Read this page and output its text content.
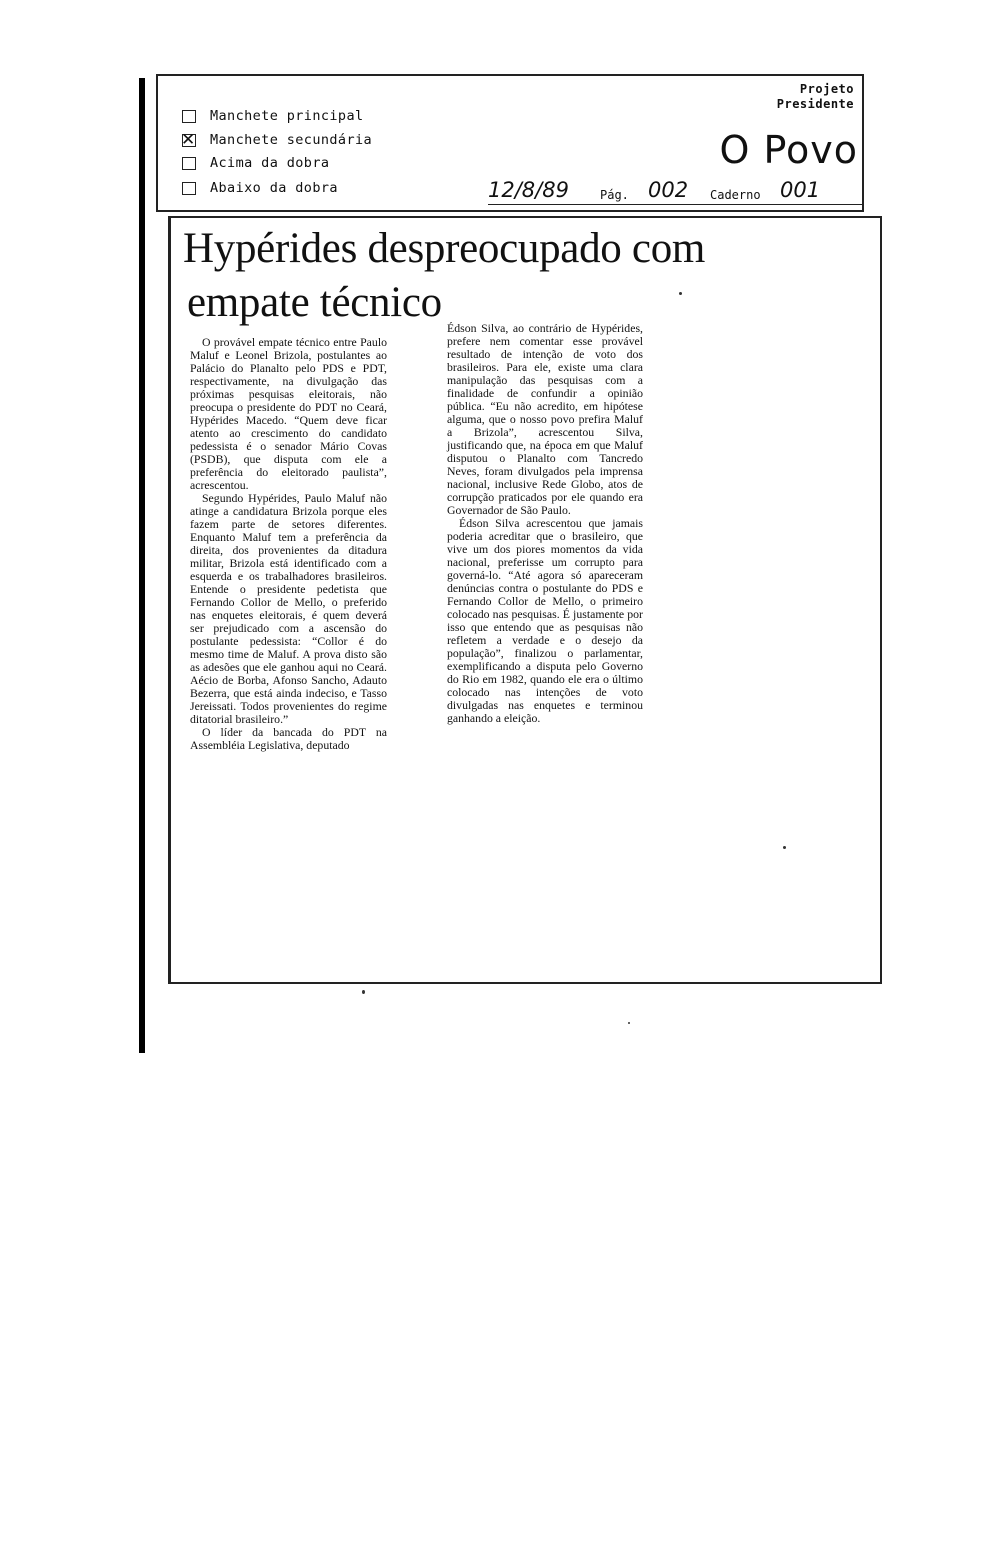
Manchete principal
✕
Manchete secundária
Acima da dobra
Abaixo da dobra
Projeto
Presidente
O Povo
12/8/89	Pág. 002 Caderno 001
Hypérides despreocupado com
empate técnico

O provável empate técnico entre Paulo Maluf e Leonel Brizola, postulantes ao Palácio do Planalto pelo PDS e PDT, respectivamente, na divulgação das próximas pesquisas eleitorais, não preocupa o presidente do PDT no Ceará, Hypérides Macedo. “Quem deve ficar atento ao crescimento do candidato pedessista é o senador Mário Covas (PSDB), que disputa com ele a preferência do eleitorado paulista”, acrescentou.

Segundo Hypérides, Paulo Maluf não atinge a candidatura Brizola porque eles fazem parte de setores diferentes. Enquanto Maluf tem a preferência da direita, dos provenientes da ditadura militar, Brizola está identificado com a esquerda e os trabalhadores brasileiros. Entende o presidente pedetista que Fernando Collor de Mello, o preferido nas enquetes eleitorais, é quem deverá ser prejudicado com a ascensão do postulante pedessista: “Collor é do mesmo time de Maluf. A prova disto são as adesões que ele ganhou aqui no Ceará. Aécio de Borba, Afonso Sancho, Adauto Bezerra, que está ainda indeciso, e Tasso Jereissati. Todos provenientes do regime ditatorial brasileiro.”

O líder da bancada do PDT na Assembléia Legislativa, deputado

Édson Silva, ao contrário de Hypérides, prefere nem comentar esse provável resultado de intenção de voto dos brasileiros. Para ele, existe uma clara manipulação das pesquisas com a finalidade de confundir a opinião pública. “Eu não acredito, em hipótese alguma, que o nosso povo prefira Maluf a Brizola”, acrescentou Silva, justificando que, na época em que Maluf disputou o Planalto com Tancredo Neves, foram divulgados pela imprensa nacional, inclusive Rede Globo, atos de corrupção praticados por ele quando era Governador de São Paulo.

Édson Silva acrescentou que jamais poderia acreditar que o brasileiro, que vive um dos piores momentos da vida nacional, preferisse um corrupto para governá-lo. “Até agora só apareceram denúncias contra o postulante do PDS e Fernando Collor de Mello, o primeiro colocado nas pesquisas. É justamente por isso que entendo que as pesquisas não refletem a verdade e o desejo da população”, finalizou o parlamentar, exemplificando a disputa pelo Governo do Rio em 1982, quando ele era o último colocado nas intenções de voto divulgadas nas enquetes e terminou ganhando a eleição.
